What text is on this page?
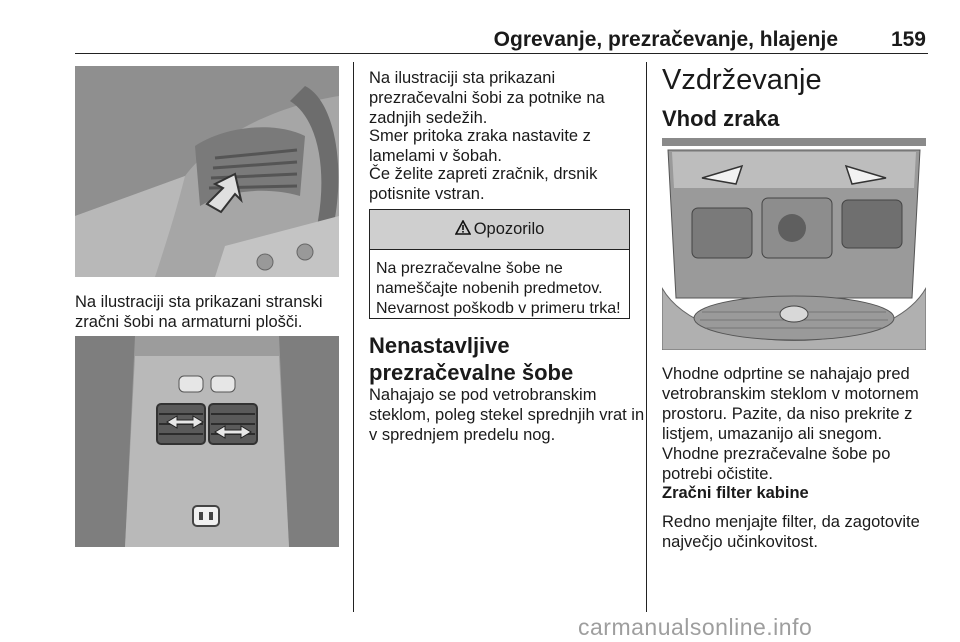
Ogrevanje, prezračevanje, hlajenje	159
Na ilustraciji sta prikazani stranski
zračni šobi na armaturni plošči.
Na ilustraciji sta prikazani
prezračevalni šobi za potnike na
zadnjih sedežih.
Smer pritoka zraka nastavite z
lamelami v šobah.
Če želite zapreti zračnik, drsnik
potisnite vstran.
Opozorilo
Na prezračevalne šobe ne
nameščajte nobenih predmetov.
Nevarnost poškodb v primeru trka!
Nenastavljive
prezračevalne šobe
Nahajajo se pod vetrobranskim
steklom, poleg stekel sprednjih vrat in
v sprednjem predelu nog.
Vzdrževanje
Vhod zraka
Vhodne odprtine se nahajajo pred
vetrobranskim steklom v motornem
prostoru. Pazite, da niso prekrite z
listjem, umazanijo ali snegom.
Vhodne prezračevalne šobe po
potrebi očistite.
Zračni filter kabine
Redno menjajte filter, da zagotovite
največjo učinkovitost.
carmanualsonline.info
